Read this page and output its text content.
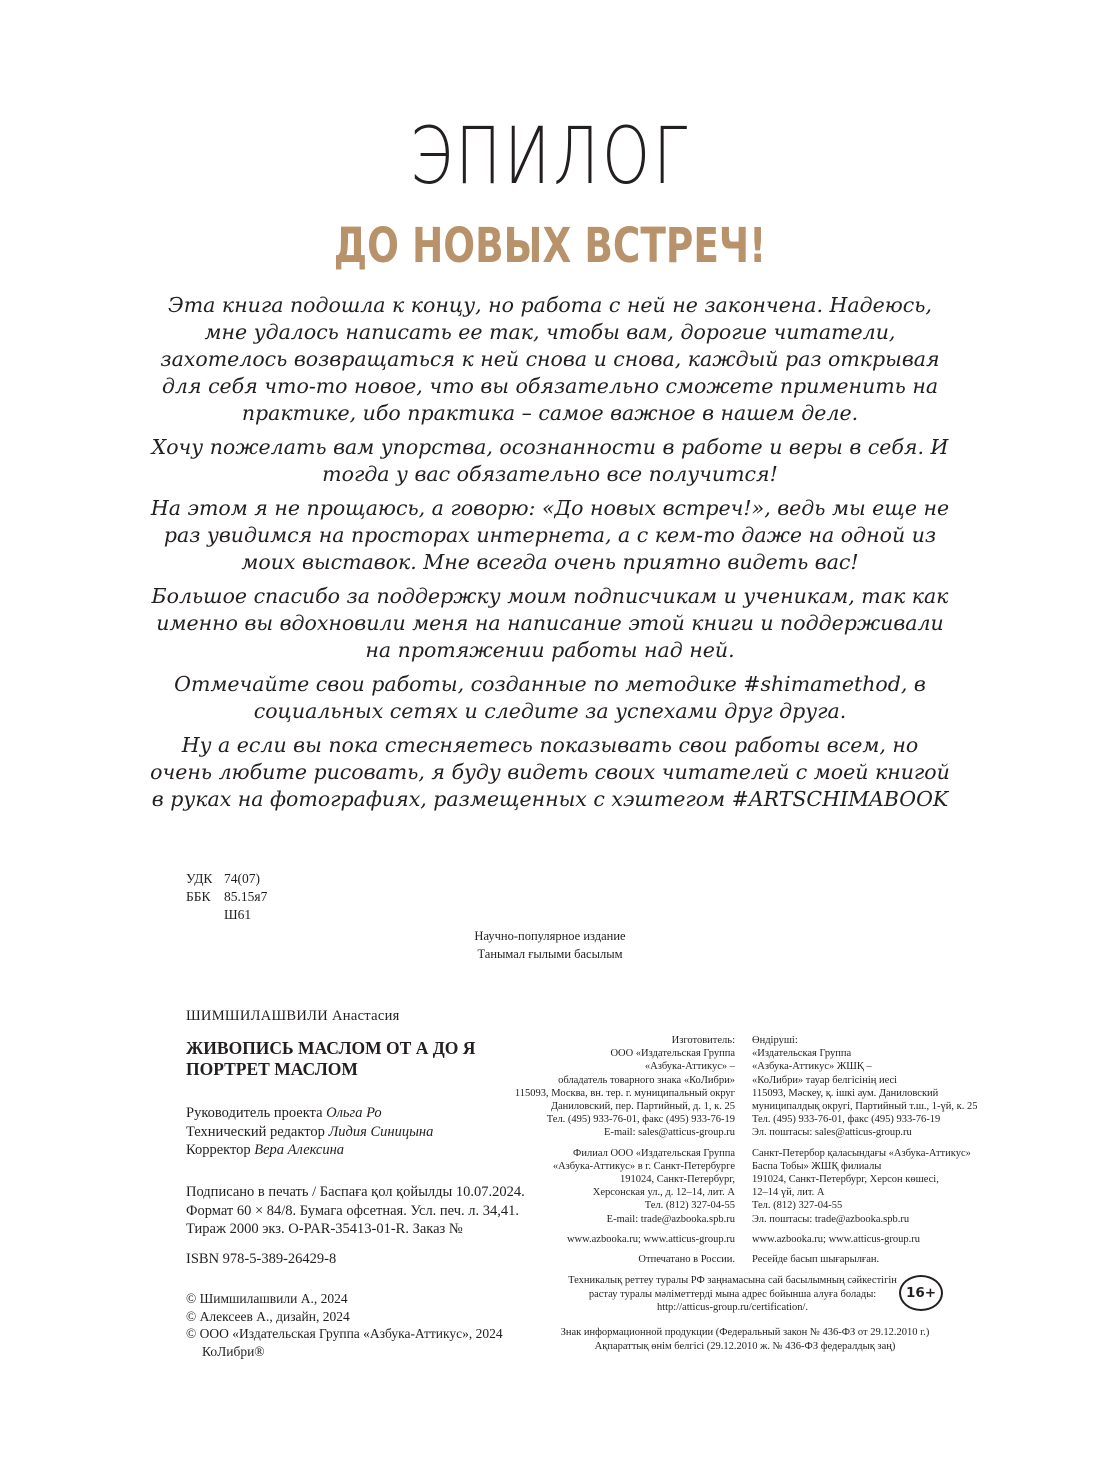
ЭПИЛОГ
ДО НОВЫХ ВСТРЕЧ!

Эта книга подошла к концу, но работа с ней не закончена. Надеюсь, мне удалось написать ее так, чтобы вам, дорогие читатели, захотелось возвращаться к ней снова и снова, каждый раз открывая для себя что-то новое, что вы обязательно сможете применить на практике, ибо практика – самое важное в нашем деле.

Хочу пожелать вам упорства, осознанности в работе и веры в себя. И тогда у вас обязательно все получится!

На этом я не прощаюсь, а говорю: «До новых встреч!», ведь мы еще не раз увидимся на просторах интернета, а с кем-то даже на одной из моих выставок. Мне всегда очень приятно видеть вас!

Большое спасибо за поддержку моим подписчикам и ученикам, так как именно вы вдохновили меня на написание этой книги и поддерживали на протяжении работы над ней.

Отмечайте свои работы, созданные по методике #shimamethod, в социальных сетях и следите за успехами друг друга.

Ну а если вы пока стесняетесь показывать свои работы всем, но очень любите рисовать, я буду видеть своих читателей с моей книгой в руках на фотографиях, размещенных с хэштегом #ARTSCHIMABOOK

УДК 74(07)
ББК 85.15я7
Ш61
Научно-популярное издание
Танымал ғылыми басылым
ШИМШИЛАШВИЛИ Анастасия
ЖИВОПИСЬ МАСЛОМ ОТ А ДО Я
ПОРТРЕТ МАСЛОМ
Руководитель проекта Ольга Ро
Технический редактор Лидия Синицына
Корректор Вера Алексина
Подписано в печать / Баспаға қол қойылды 10.07.2024.
Формат 60 × 84/8. Бумага офсетная. Усл. печ. л. 34,41.
Тираж 2000 экз. O-PAR-35413-01-R. Заказ №
ISBN 978-5-389-26429-8
© Шимшилашвили А., 2024
© Алексеев А., дизайн, 2024
© ООО «Издательская Группа «Азбука-Аттикус», 2024
КоЛибри®
Изготовитель:
ООО «Издательская Группа
«Азбука-Аттикус» –
обладатель товарного знака «КоЛибри»
115093, Москва, вн. тер. г. муниципальный округ
Даниловский, пер. Партийный, д. 1, к. 25
Тел. (495) 933-76-01, факс (495) 933-76-19
E-mail: sales@atticus-group.ru
Филиал ООО «Издательская Группа
«Азбука-Аттикус» в г. Санкт-Петербурге
191024, Санкт-Петербург,
Херсонская ул., д. 12–14, лит. А
Тел. (812) 327-04-55
E-mail: trade@azbooka.spb.ru
www.azbooka.ru; www.atticus-group.ru
Отпечатано в России.
Өндіруші:
«Издательская Группа
«Азбука-Аттикус» ЖШҚ –
«КоЛибри» тауар белгісінің иесі
115093, Мәскеу, қ. ішкі аум. Даниловский
муниципалдық округі, Партийный т.ш., 1-үй, к. 25
Тел. (495) 933-76-01, факс (495) 933-76-19
Эл. поштасы: sales@atticus-group.ru
Санкт-Петербор қаласындағы «Азбука-Аттикус»
Баспа Тобы» ЖШҚ филиалы
191024, Санкт-Петербург, Херсон көшесі,
12–14 үй, лит. А
Тел. (812) 327-04-55
Эл. поштасы: trade@azbooka.spb.ru
www.azbooka.ru; www.atticus-group.ru
Ресейде басып шығарылған.
Техникалық реттеу туралы РФ заңнамасына сай басылымның сәйкестігін
растау туралы мәліметтерді мына адрес бойынша алуға болады:
http://atticus-group.ru/certification/.
16+
Знак информационной продукции (Федеральный закон № 436-ФЗ от 29.12.2010 г.)
Ақпараттық өнім белгісі (29.12.2010 ж. № 436-ФЗ федералдық заң)
